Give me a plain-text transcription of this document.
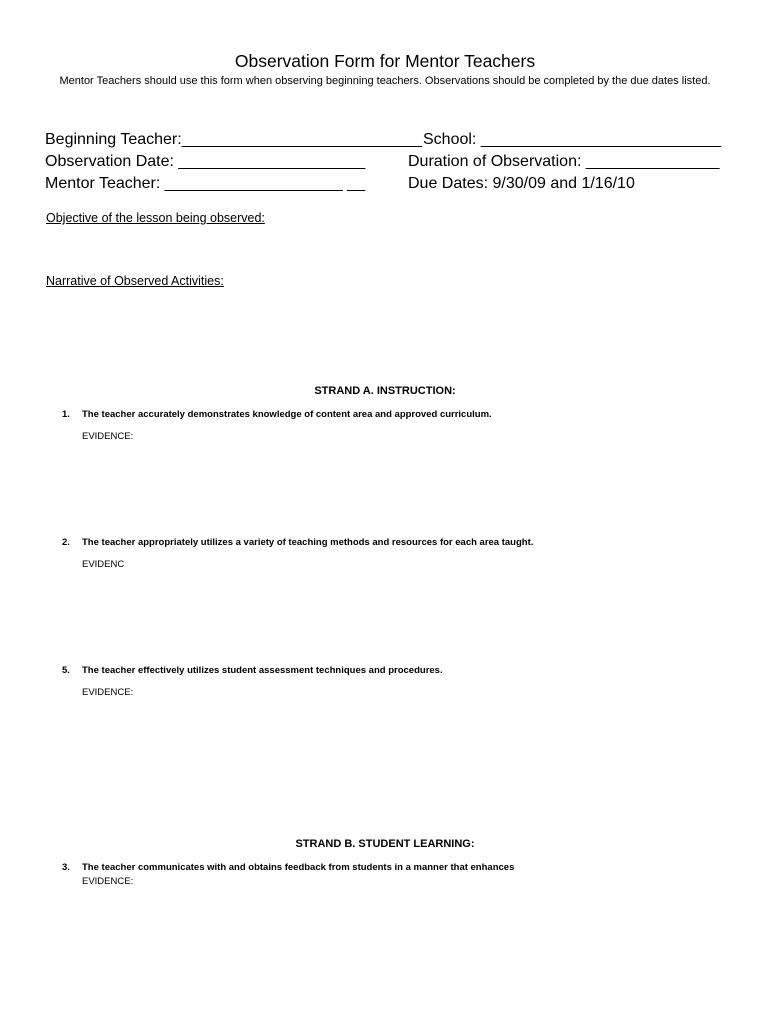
Observation Form for Mentor Teachers
Mentor Teachers should use this form when observing beginning teachers. Observations should be completed by the due dates listed.
Beginning Teacher:___________________________ School: ___________________________
Observation Date: _____________________	Duration of Observation: _______________
Mentor Teacher: ____________________ __	Due Dates: 9/30/09 and 1/16/10
Objective of the lesson being observed:
Narrative of Observed Activities:
STRAND A. INSTRUCTION:
1. The teacher accurately demonstrates knowledge of content area and approved curriculum.
EVIDENCE:
2. The teacher appropriately utilizes a variety of teaching methods and resources for each area taught.
EVIDENC
5. The teacher effectively utilizes student assessment techniques and procedures.
EVIDENCE:
STRAND B. STUDENT LEARNING:
3. The teacher communicates with and obtains feedback from students in a manner that enhances
EVIDENCE:
